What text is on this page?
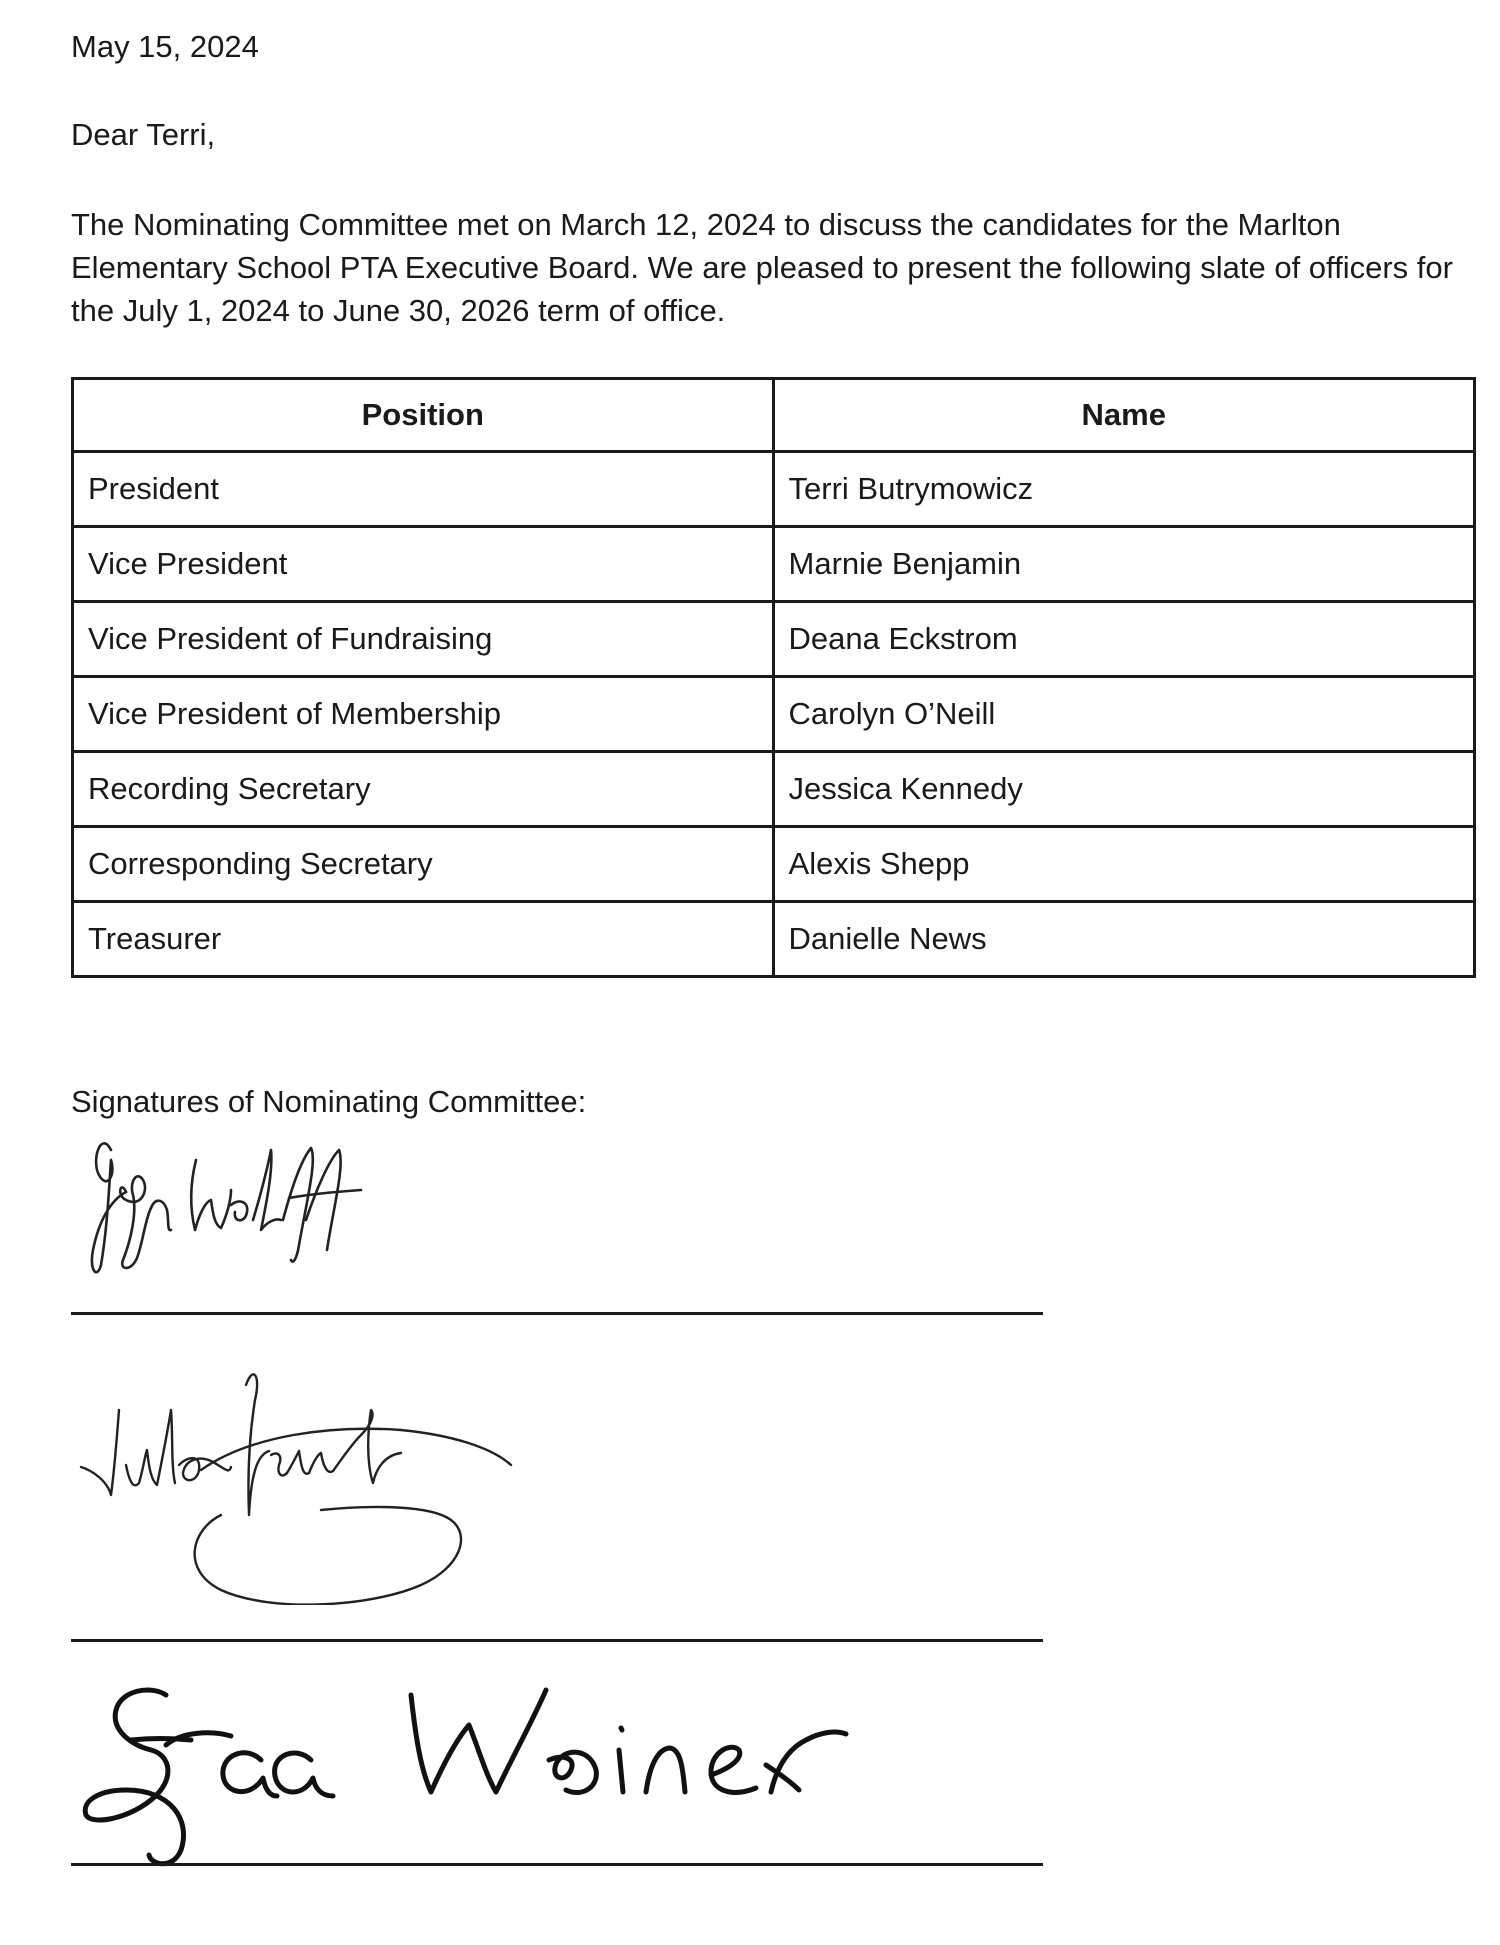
May 15, 2024
Dear Terri,

The Nominating Committee met on March 12, 2024 to discuss the candidates for the Marlton Elementary School PTA Executive Board. We are pleased to present the following slate of officers for the July 1, 2024 to June 30, 2026 term of office.

Position	Name
President	Terri Butrymowicz
Vice President	Marnie Benjamin
Vice President of Fundraising	Deana Eckstrom
Vice President of Membership	Carolyn O’Neill
Recording Secretary	Jessica Kennedy
Corresponding Secretary	Alexis Shepp
Treasurer	Danielle News
Signatures of Nominating Committee:
